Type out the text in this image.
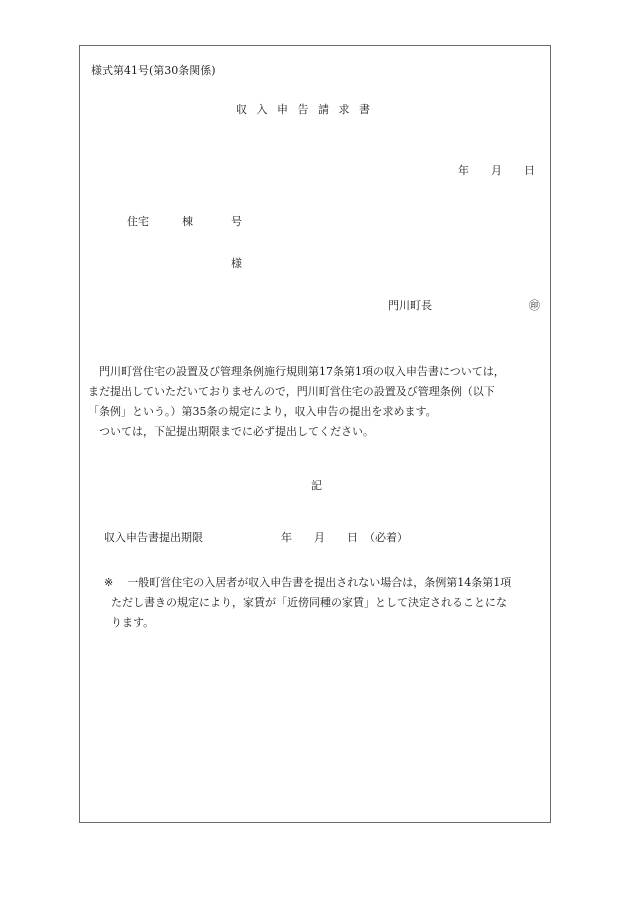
様式第41号(第30条関係)
収入申告請求書
年 月 日
住宅	棟	号
様
門川町長	㊞
　門川町営住宅の設置及び管理条例施行規則第17条第1項の収入申告書については，
まだ提出していただいておりませんので，門川町営住宅の設置及び管理条例（以下
「条例」という。）第35条の規定により，収入申告の提出を求めます。
　ついては，下記提出期限までに必ず提出してください。
記
収入申告書提出期限	年 月 日 （必着）
※ 一般町営住宅の入居者が収入申告書を提出されない場合は，条例第14条第1項
ただし書きの規定により，家賃が「近傍同種の家賃」として決定されることにな
ります。
